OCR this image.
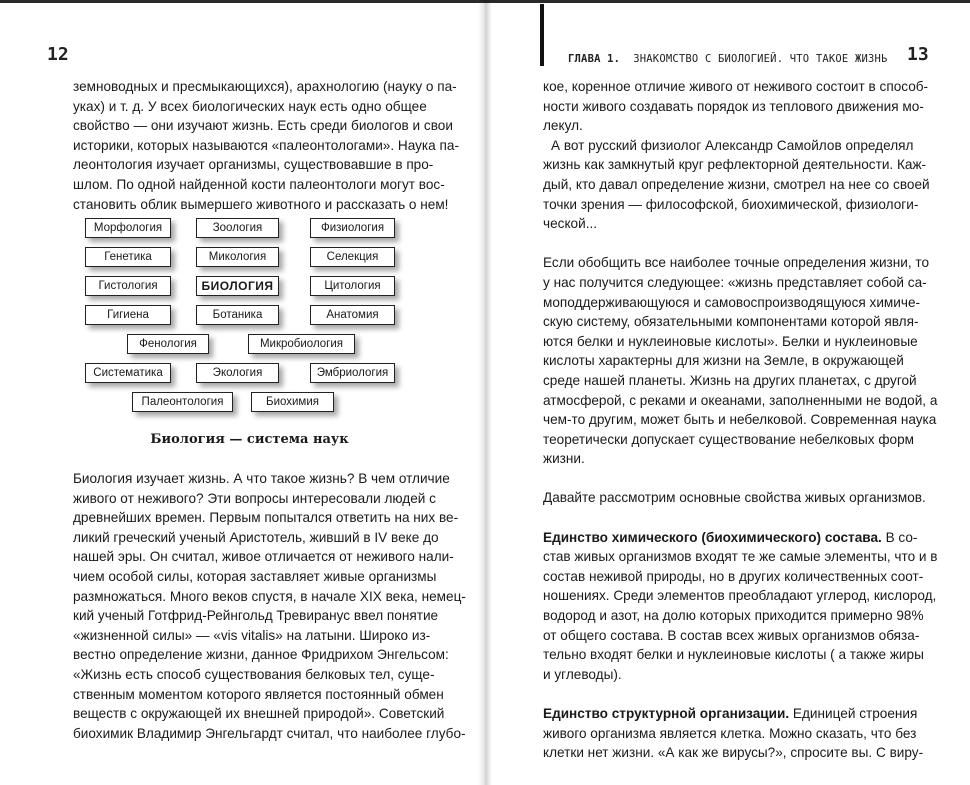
12
земноводных и пресмыкающихся), арахнологию (науку о па-
уках) и т. д. У всех биологических наук есть одно общее
свойство — они изучают жизнь. Есть среди биологов и свои
историки, которых называются «палеонтологами». Наука па-
леонтология изучает организмы, существовавшие в про-
шлом. По одной найденной кости палеонтологи могут вос-
становить облик вымершего животного и рассказать о нем!
Морфология	Зоология	Физиология
Генетика	Микология	Селекция
Гистология	БИОЛОГИЯ	Цитология
Гигиена	Ботаника	Анатомия
Фенология	Микробиология
Систематика	Экология	Эмбриология
Палеонтология	Биохимия
Биология — система наук
Биология изучает жизнь. А что такое жизнь? В чем отличие
живого от неживого? Эти вопросы интересовали людей с
древнейших времен. Первым попытался ответить на них ве-
ликий греческий ученый Аристотель, живший в IV веке до
нашей эры. Он считал, живое отличается от неживого нали-
чием особой силы, которая заставляет живые организмы
размножаться. Много веков спустя, в начале XIX века, немец-
кий ученый Готфрид-Рейнгольд Тревиранус ввел понятие
«жизненной силы» — «vis vitalis» на латыни. Широко из-
вестно определение жизни, данное Фридрихом Энгельсом:
«Жизнь есть способ существования белковых тел, суще-
ственным моментом которого является постоянный обмен
веществ с окружающей их внешней природой». Советский
биохимик Владимир Энгельгардт считал, что наиболее глубо-
ГЛАВА 1. ЗНАКОМСТВО С БИОЛОГИЕЙ. ЧТО ТАКОЕ ЖИЗНЬ 13
кое, коренное отличие живого от неживого состоит в способ-
ности живого создавать порядок из теплового движения мо-
лекул.
А вот русский физиолог Александр Самойлов определял
жизнь как замкнутый круг рефлекторной деятельности. Каж-
дый, кто давал определение жизни, смотрел на нее со своей
точки зрения — философской, биохимической, физиологи-
ческой...
Если обобщить все наиболее точные определения жизни, то
у нас получится следующее: «жизнь представляет собой са-
моподдерживающуюся и самовоспроизводящуюся химиче-
скую систему, обязательными компонентами которой явля-
ются белки и нуклеиновые кислоты». Белки и нуклеиновые
кислоты характерны для жизни на Земле, в окружающей
среде нашей планеты. Жизнь на других планетах, с другой
атмосферой, с реками и океанами, заполненными не водой, а
чем-то другим, может быть и небелковой. Современная наука
теоретически допускает существование небелковых форм
жизни.
Давайте рассмотрим основные свойства живых организмов.
Единство химического (биохимического) состава. В со-
став живых организмов входят те же самые элементы, что и в
состав неживой природы, но в других количественных соот-
ношениях. Среди элементов преобладают углерод, кислород,
водород и азот, на долю которых приходится примерно 98%
от общего состава. В состав всех живых организмов обяза-
тельно входят белки и нуклеиновые кислоты ( а также жиры
и углеводы).
Единство структурной организации. Единицей строения
живого организма является клетка. Можно сказать, что без
клетки нет жизни. «А как же вирусы?», спросите вы. С виру-
